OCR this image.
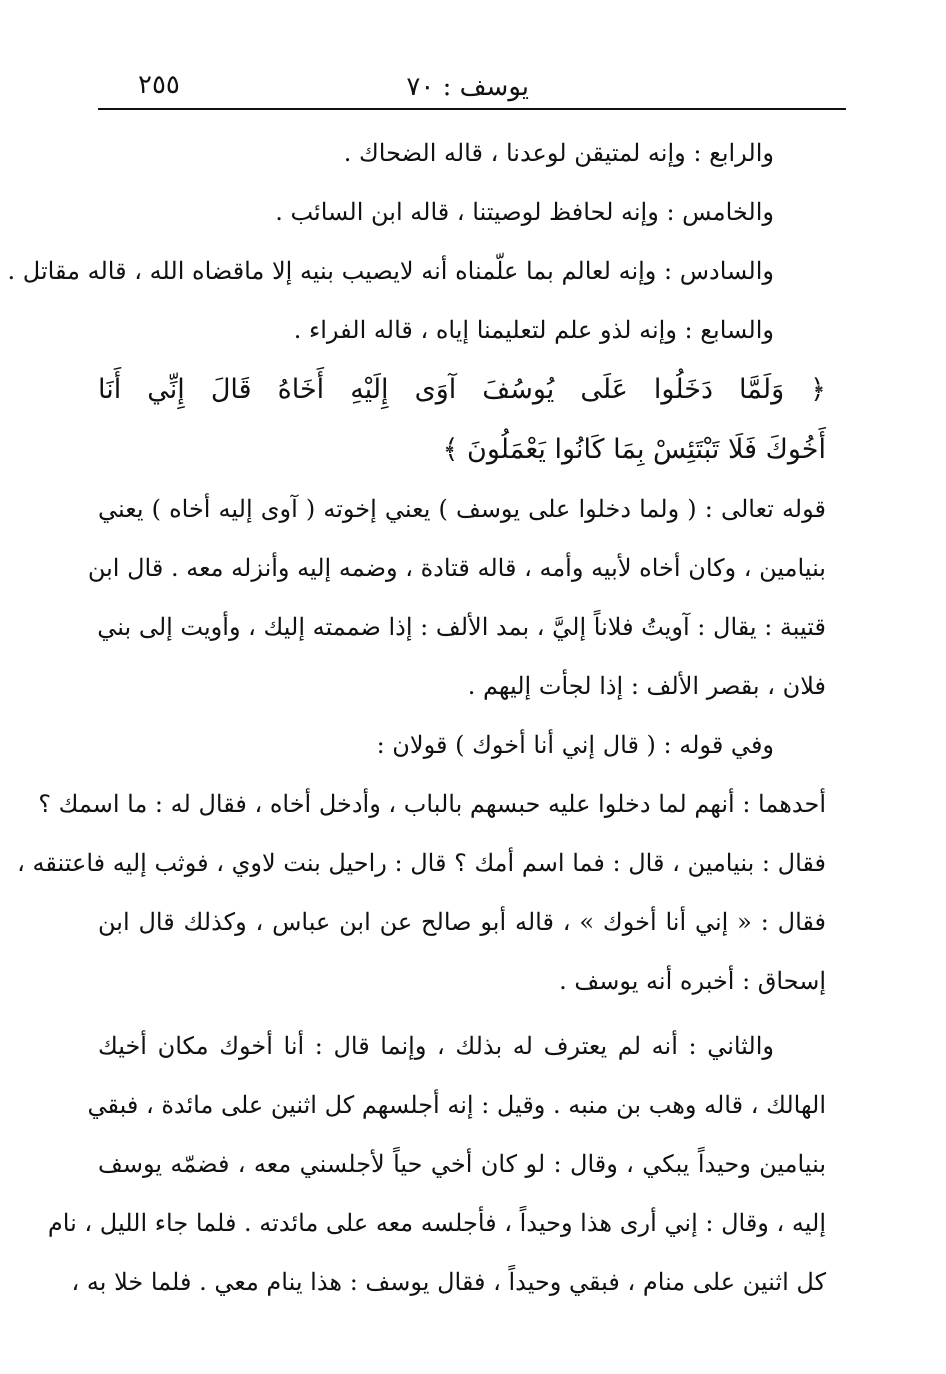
يوسف : ٧٠
٢٥٥
والرابع : وإنه لمتيقن لوعدنا ، قاله الضحاك .
والخامس : وإنه لحافظ لوصيتنا ، قاله ابن السائب .
والسادس : وإنه لعالم بما علّمناه أنه لايصيب بنيه إلا ماقضاه الله ، قاله مقاتل .
والسابع : وإنه لذو علم لتعليمنا إياه ، قاله الفراء .
﴿ وَلَمَّا دَخَلُوا عَلَى يُوسُفَ آوَى إِلَيْهِ أَخَاهُ قَالَ إِنِّي أَنَا
أَخُوكَ فَلَا تَبْتَئِسْ بِمَا كَانُوا يَعْمَلُونَ ﴾
قوله تعالى : ( ولما دخلوا على يوسف ) يعني إخوته ( آوى إليه أخاه ) يعني
بنيامين ، وكان أخاه لأبيه وأمه ، قاله قتادة ، وضمه إليه وأنزله معه . قال ابن
قتيبة : يقال : آويتُ فلاناً إليَّ ، بمد الألف : إذا ضممته إليك ، وأويت إلى بني
فلان ، بقصر الألف : إذا لجأت إليهم .
وفي قوله : ( قال إني أنا أخوك ) قولان :
أحدهما : أنهم لما دخلوا عليه حبسهم بالباب ، وأدخل أخاه ، فقال له : ما اسمك ؟
فقال : بنيامين ، قال : فما اسم أمك ؟ قال : راحيل بنت لاوي ، فوثب إليه فاعتنقه ،
فقال : « إني أنا أخوك » ، قاله أبو صالح عن ابن عباس ، وكذلك قال ابن
إسحاق : أخبره أنه يوسف .
والثاني : أنه لم يعترف له بذلك ، وإنما قال : أنا أخوك مكان أخيك
الهالك ، قاله وهب بن منبه . وقيل : إنه أجلسهم كل اثنين على مائدة ، فبقي
بنيامين وحيداً يبكي ، وقال : لو كان أخي حياً لأجلسني معه ، فضمّه يوسف
إليه ، وقال : إني أرى هذا وحيداً ، فأجلسه معه على مائدته . فلما جاء الليل ، نام
كل اثنين على منام ، فبقي وحيداً ، فقال يوسف : هذا ينام معي . فلما خلا به ،
